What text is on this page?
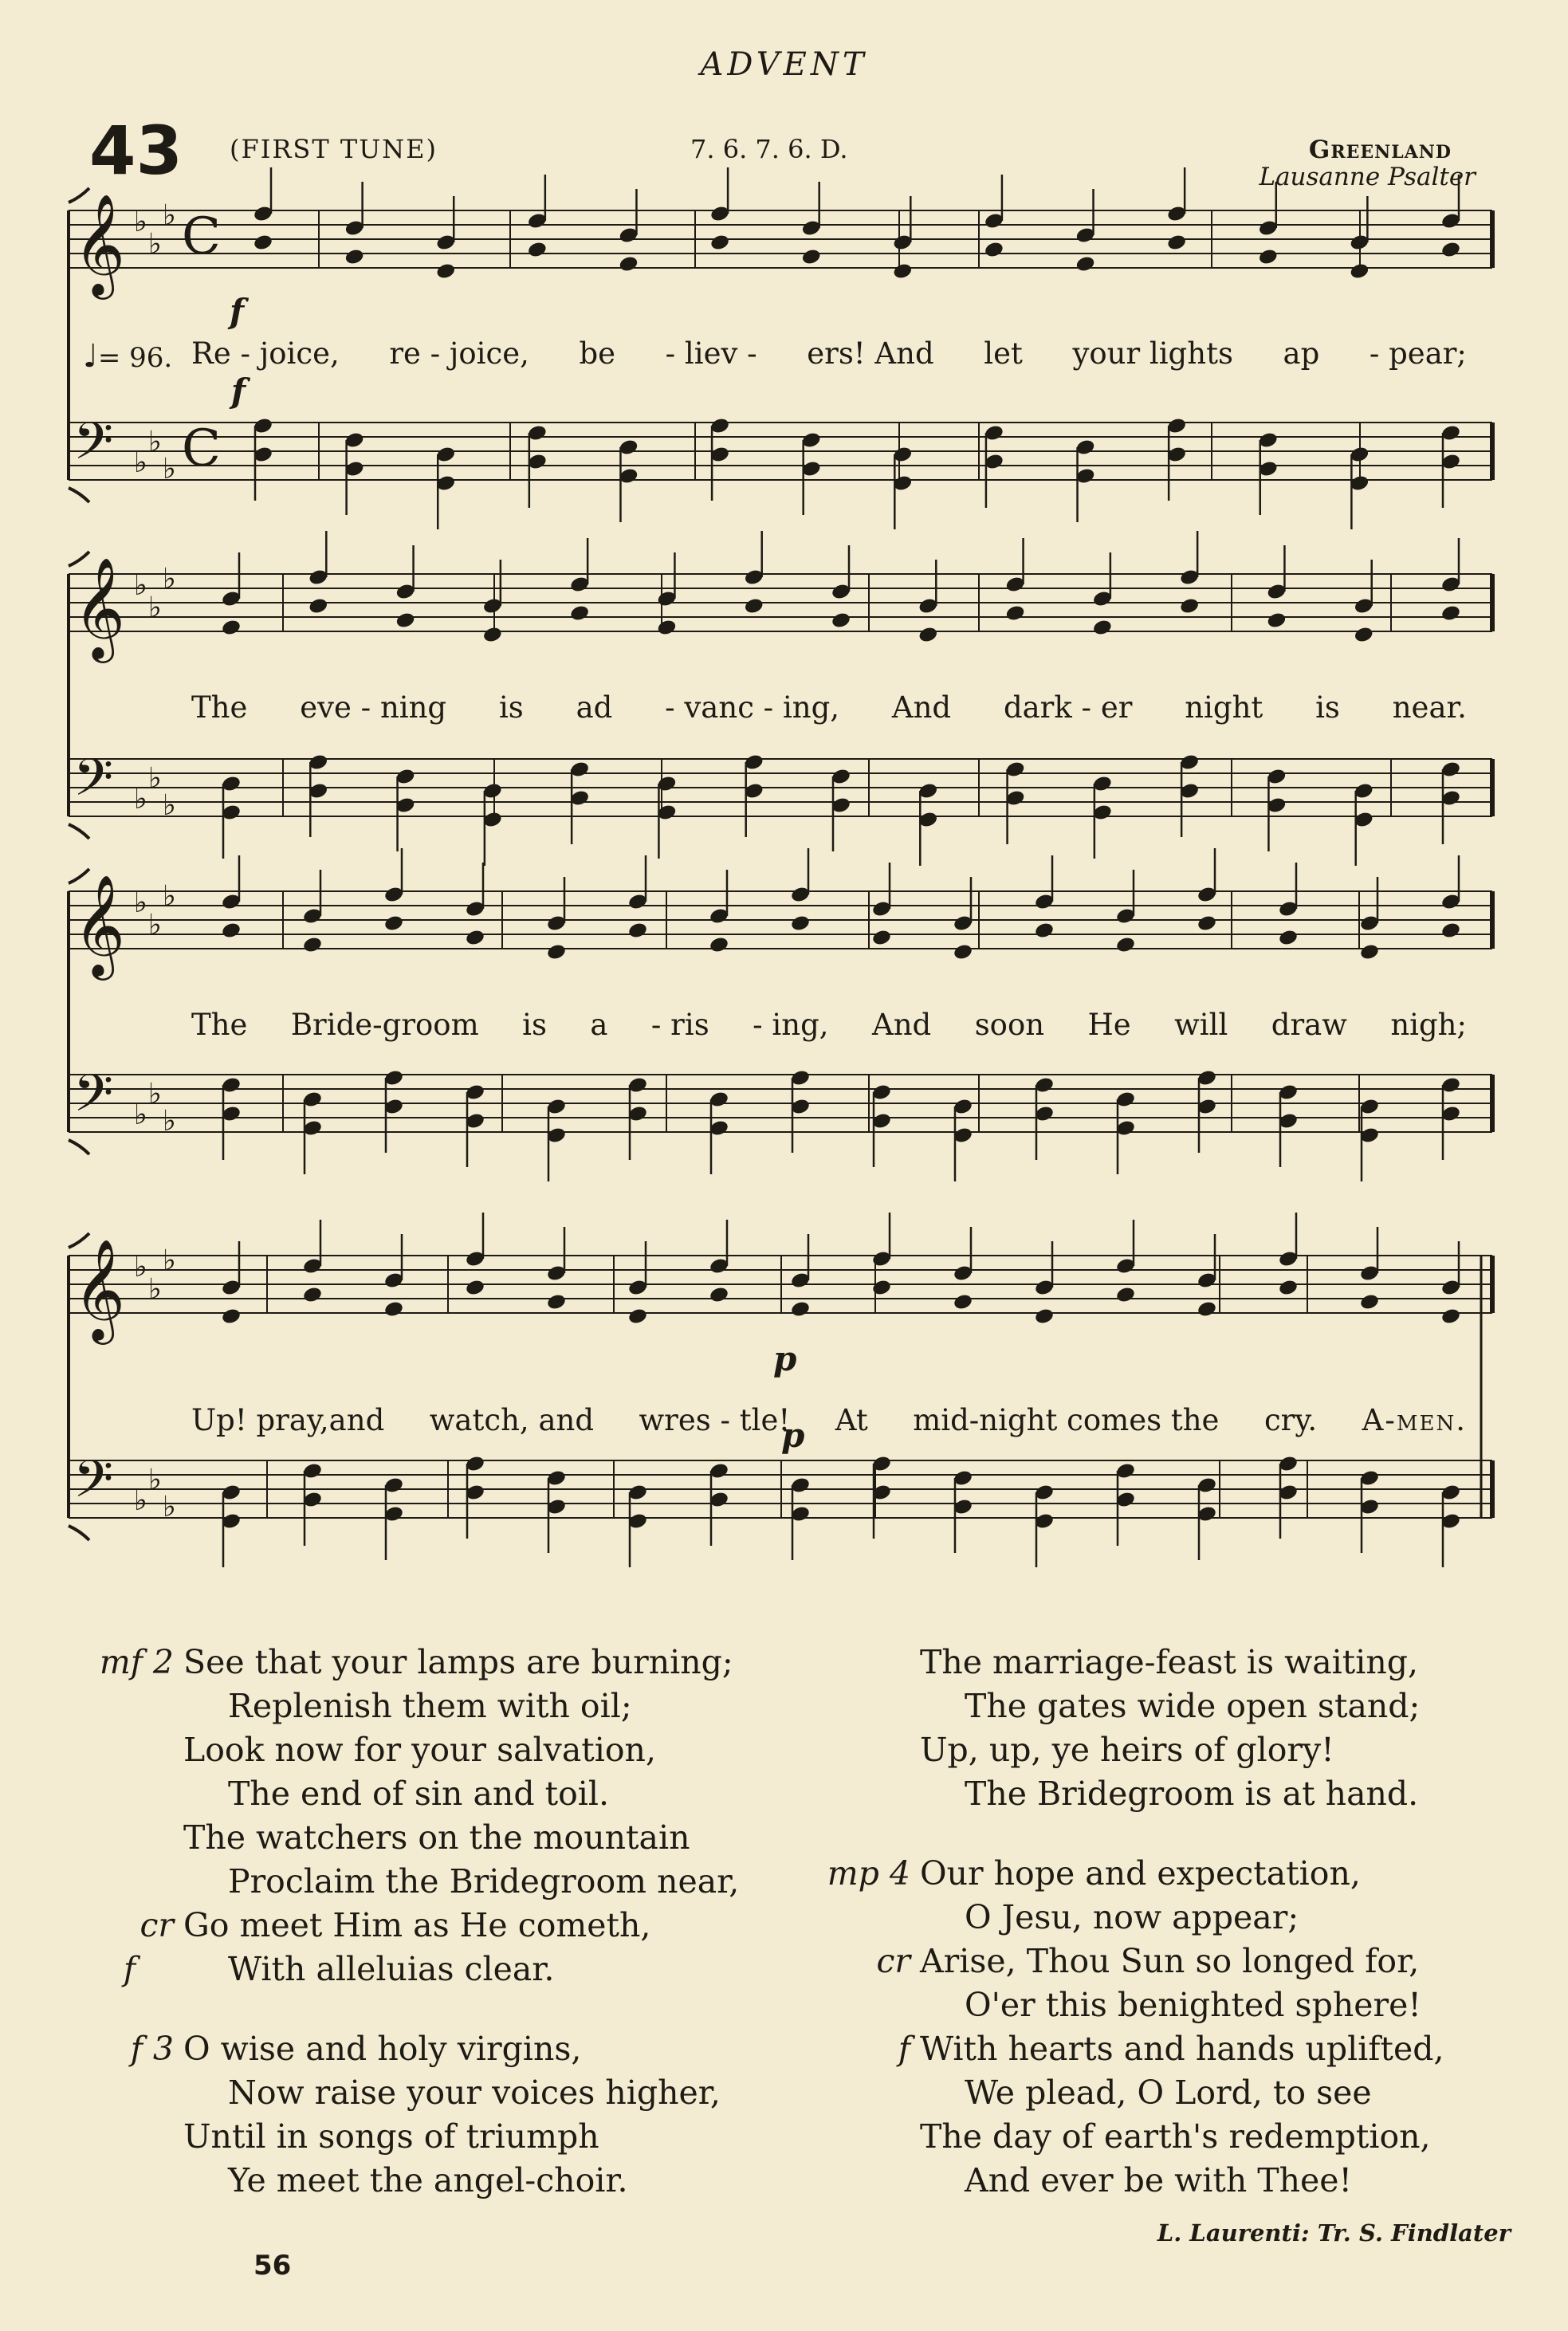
ADVENT
43 (FIRST TUNE)	7. 6. 7. 6. D.	Greenland
Lausanne Psalter
𝄞 ♭
♭
♭ C
𝄢 ♭
♭
♭ C
𝄞 ♭
♭
♭
𝄢 ♭
♭
♭
𝄞 ♭
♭
♭
𝄢 ♭
♭
♭
𝄞 ♭
♭
♭
𝄢 ♭
♭
♭
♩= 96.
f
f
p
p
Re - joice, re - joice, be - liev - ers! And let your lights ap - pear;
The eve - ning is ad - vanc - ing, And dark - er night is near.
The Bride-groom is a - ris - ing, And soon He will draw nigh;
Up! pray,and watch, and wres - tle! At mid-night comes the cry. A-men.
mf 2 See that your lamps are burning;
Replenish them with oil;
Look now for your salvation,
The end of sin and toil.
The watchers on the mountain
Proclaim the Bridegroom near,
cr Go meet Him as He cometh,
f	With alleluias clear.
f 3 O wise and holy virgins,
Now raise your voices higher,
Until in songs of triumph
Ye meet the angel-choir.
The marriage-feast is waiting,
The gates wide open stand;
Up, up, ye heirs of glory!
The Bridegroom is at hand.
mp 4 Our hope and expectation,
O Jesu, now appear;
cr Arise, Thou Sun so longed for,
O'er this benighted sphere!
f With hearts and hands uplifted,
We plead, O Lord, to see
The day of earth's redemption,
And ever be with Thee!
L. Laurenti: Tr. S. Findlater
56
